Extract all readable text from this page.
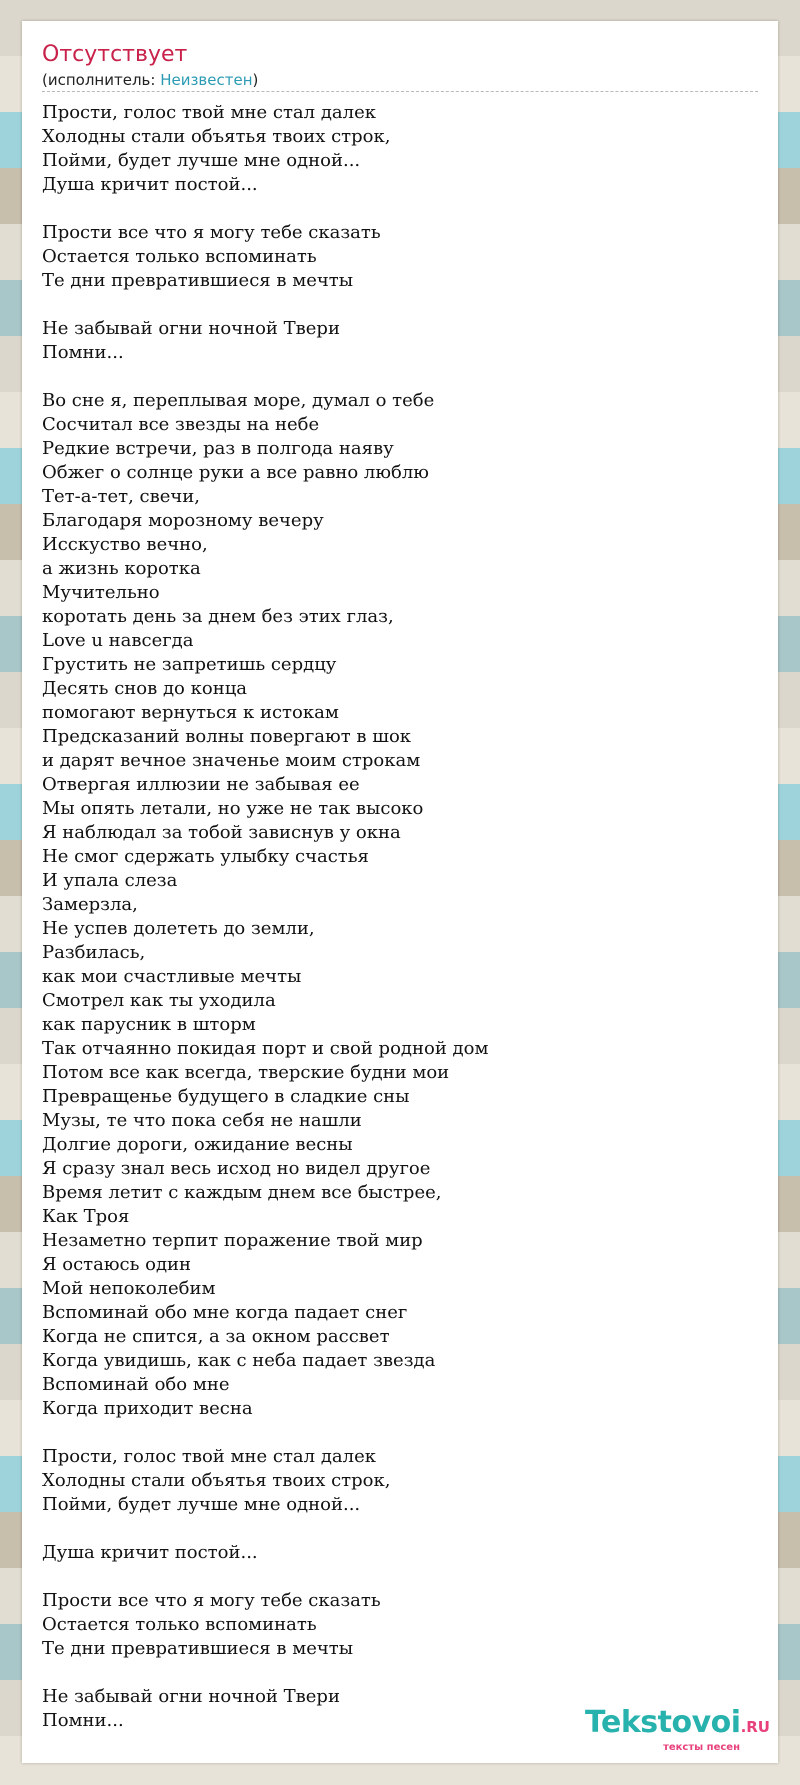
Отсутствует
(исполнитель: Неизвестен)
Прости, голос твой мне стал далек
Холодны стали объятья твоих строк,
Пойми, будет лучше мне одной...
Душа кричит постой...
Прости все что я могу тебе сказать
Остается только вспоминать
Те дни превратившиеся в мечты
Не забывай огни ночной Твери
Помни...
Во сне я, переплывая море, думал о тебе
Сосчитал все звезды на небе
Редкие встречи, раз в полгода наяву
Обжег о солнце руки а все равно люблю
Тет-а-тет, свечи,
Благодаря морозному вечеру
Исскуство вечно,
а жизнь коротка
Мучительно
коротать день за днем без этих глаз,
Love u навсегда
Грустить не запретишь сердцу
Десять снов до конца
помогают вернуться к истокам
Предсказаний волны повергают в шок
и дарят вечное значенье моим строкам
Отвергая иллюзии не забывая ее
Мы опять летали, но уже не так высоко
Я наблюдал за тобой зависнув у окна
Не смог сдержать улыбку счастья
И упала слеза
Замерзла,
Не успев долететь до земли,
Разбилась,
как мои счастливые мечты
Смотрел как ты уходила
как парусник в шторм
Так отчаянно покидая порт и свой родной дом
Потом все как всегда, тверские будни мои
Превращенье будущего в сладкие сны
Музы, те что пока себя не нашли
Долгие дороги, ожидание весны
Я сразу знал весь исход но видел другое
Время летит с каждым днем все быстрее,
Как Троя
Незаметно терпит поражение твой мир
Я остаюсь один
Мой непоколебим
Вспоминай обо мне когда падает снег
Когда не спится, а за окном рассвет
Когда увидишь, как с неба падает звезда
Вспоминай обо мне
Когда приходит весна
Прости, голос твой мне стал далек
Холодны стали объятья твоих строк,
Пойми, будет лучше мне одной...
Душа кричит постой...
Прости все что я могу тебе сказать
Остается только вспоминать
Те дни превратившиеся в мечты
Не забывай огни ночной Твери
Помни...	Tekstovoi.RU
тексты песен
